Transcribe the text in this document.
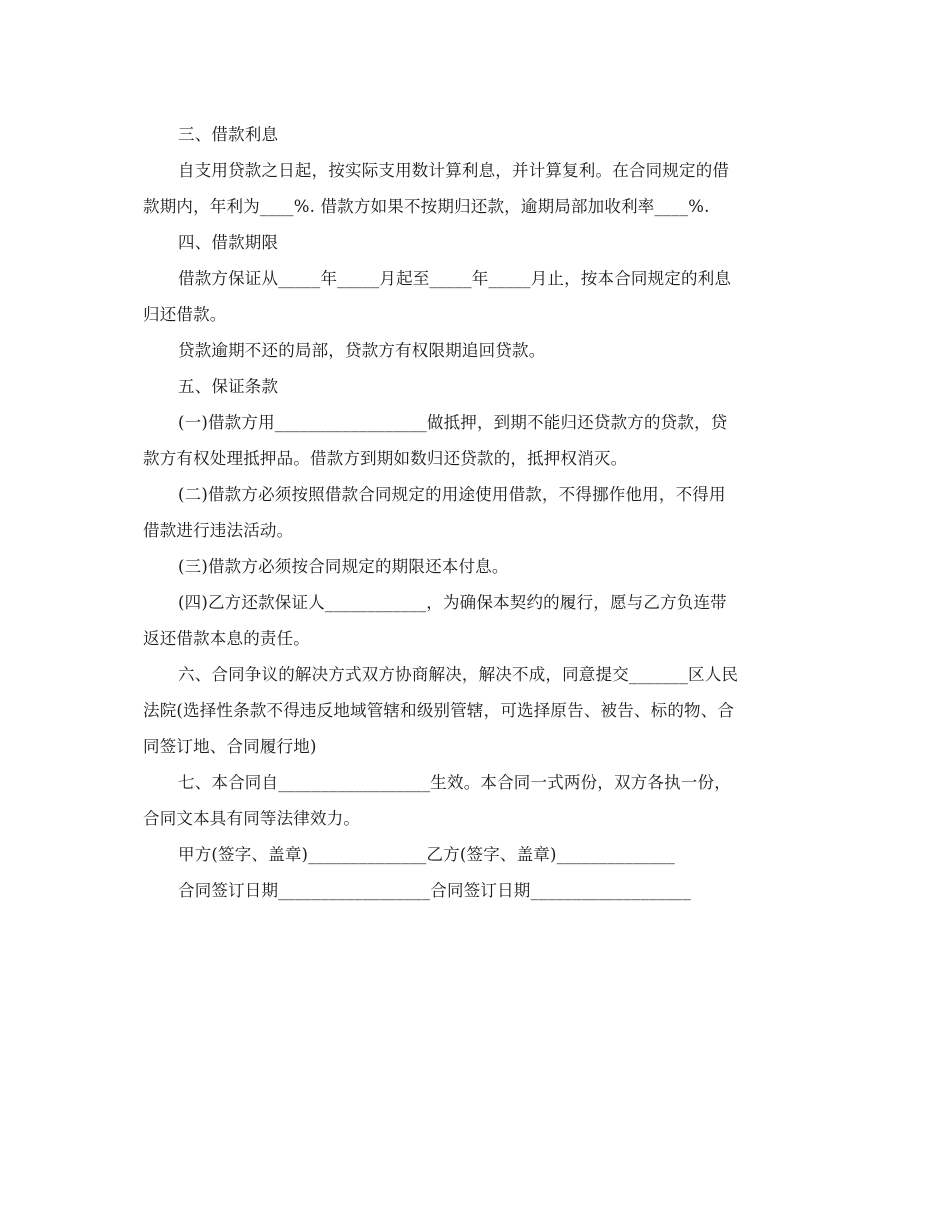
三、借款利息
自支用贷款之日起，按实际支用数计算利息，并计算复利。在合同规定的借
款期内，年利为____%. 借款方如果不按期归还款，逾期局部加收利率____%.
四、借款期限
借款方保证从_____年_____月起至_____年_____月止，按本合同规定的利息
归还借款。
贷款逾期不还的局部，贷款方有权限期追回贷款。
五、保证条款
(一)借款方用__________________做抵押，到期不能归还贷款方的贷款，贷
款方有权处理抵押品。借款方到期如数归还贷款的，抵押权消灭。
(二)借款方必须按照借款合同规定的用途使用借款，不得挪作他用，不得用
借款进行违法活动。
(三)借款方必须按合同规定的期限还本付息。
(四)乙方还款保证人____________，为确保本契约的履行，愿与乙方负连带
返还借款本息的责任。
六、合同争议的解决方式双方协商解决，解决不成，同意提交_______区人民
法院(选择性条款不得违反地域管辖和级别管辖，可选择原告、被告、标的物、合
同签订地、合同履行地)
七、本合同自__________________生效。本合同一式两份，双方各执一份，
合同文本具有同等法律效力。
甲方(签字、盖章)______________乙方(签字、盖章)______________
合同签订日期__________________合同签订日期___________________
